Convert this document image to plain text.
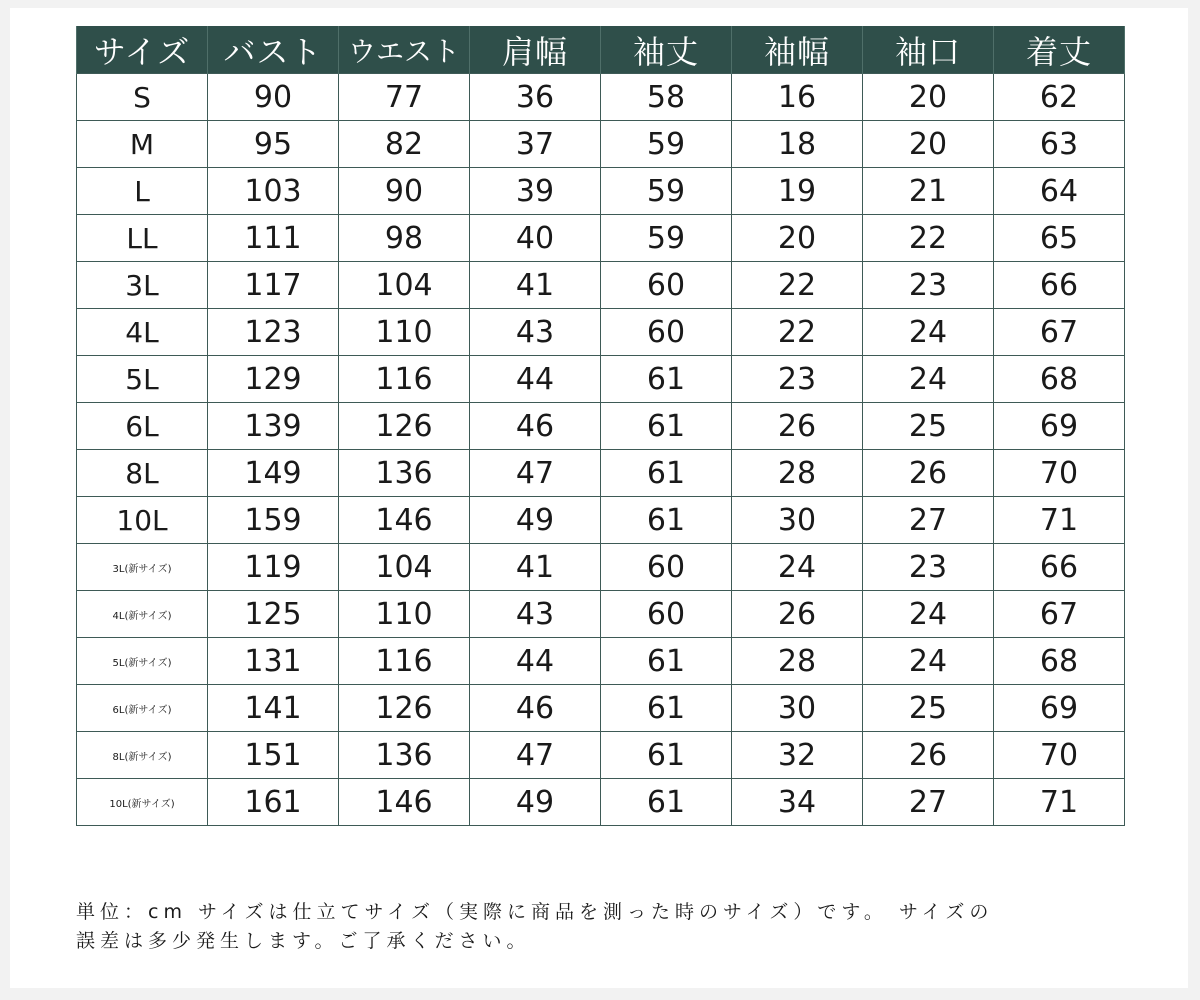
サイズ	バスト	ウエスト	肩幅	袖丈	袖幅	袖口	着丈
S	90	77	36	58	16	20	62
M	95	82	37	59	18	20	63
L	103	90	39	59	19	21	64
LL	111	98	40	59	20	22	65
3L	117	104	41	60	22	23	66
4L	123	110	43	60	22	24	67
5L	129	116	44	61	23	24	68
6L	139	126	46	61	26	25	69
8L	149	136	47	61	28	26	70
10L	159	146	49	61	30	27	71
3L(新サイズ)	119	104	41	60	24	23	66
4L(新サイズ)	125	110	43	60	26	24	67
5L(新サイズ)	131	116	44	61	28	24	68
6L(新サイズ)	141	126	46	61	30	25	69
8L(新サイズ)	151	136	47	61	32	26	70
10L(新サイズ)	161	146	49	61	34	27	71
単位：cm サイズは仕立てサイズ（実際に商品を測った時のサイズ）です。 サイズの
誤差は多少発生します。ご了承ください。
